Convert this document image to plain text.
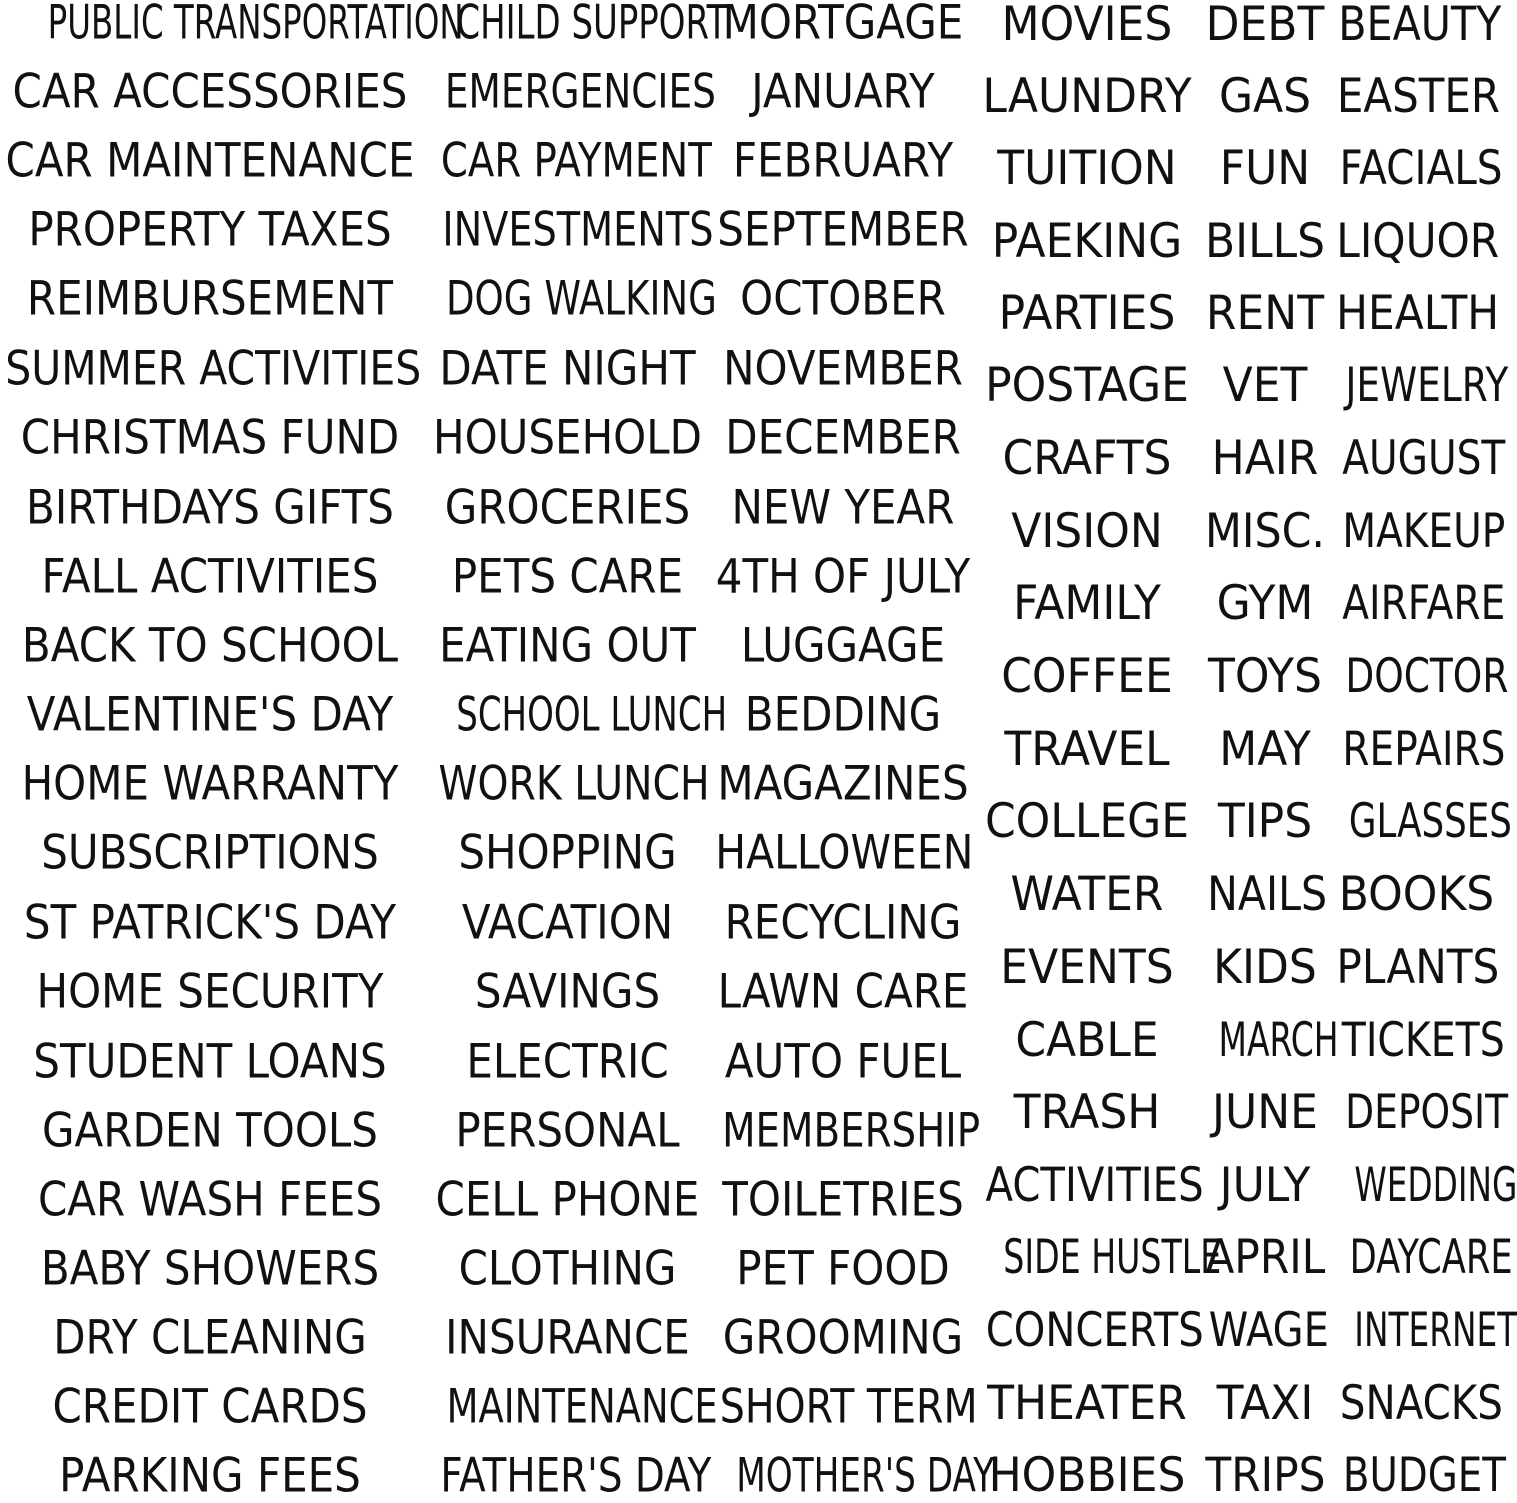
PUBLIC TRANSPORTATION
CAR ACCESSORIES
CAR MAINTENANCE
PROPERTY TAXES
REIMBURSEMENT
SUMMER ACTIVITIES
CHRISTMAS FUND
BIRTHDAYS GIFTS
FALL ACTIVITIES
BACK TO SCHOOL
VALENTINE'S DAY
HOME WARRANTY
SUBSCRIPTIONS
ST PATRICK'S DAY
HOME SECURITY
STUDENT LOANS
GARDEN TOOLS
CAR WASH FEES
BABY SHOWERS
DRY CLEANING
CREDIT CARDS
PARKING FEES
CHILD SUPPORT
EMERGENCIES
CAR PAYMENT
INVESTMENTS
DOG WALKING
DATE NIGHT
HOUSEHOLD
GROCERIES
PETS CARE
EATING OUT
SCHOOL LUNCH
WORK LUNCH
SHOPPING
VACATION
SAVINGS
ELECTRIC
PERSONAL
CELL PHONE
CLOTHING
INSURANCE
MAINTENANCE
FATHER'S DAY
MORTGAGE
JANUARY
FEBRUARY
SEPTEMBER
OCTOBER
NOVEMBER
DECEMBER
NEW YEAR
4TH OF JULY
LUGGAGE
BEDDING
MAGAZINES
HALLOWEEN
RECYCLING
LAWN CARE
AUTO FUEL
MEMBERSHIP
TOILETRIES
PET FOOD
GROOMING
SHORT TERM
MOTHER'S DAY
MOVIES
LAUNDRY
TUITION
PAEKING
PARTIES
POSTAGE
CRAFTS
VISION
FAMILY
COFFEE
TRAVEL
COLLEGE
WATER
EVENTS
CABLE
TRASH
ACTIVITIES
SIDE HUSTLE
CONCERTS
THEATER
HOBBIES
DEBT
GAS
FUN
BILLS
RENT
VET
HAIR
MISC.
GYM
TOYS
MAY
TIPS
NAILS
KIDS
MARCH
JUNE
JULY
APRIL
WAGE
TAXI
TRIPS
BEAUTY
EASTER
FACIALS
LIQUOR
HEALTH
JEWELRY
AUGUST
MAKEUP
AIRFARE
DOCTOR
REPAIRS
GLASSES
BOOKS
PLANTS
TICKETS
DEPOSIT
WEDDING
DAYCARE
INTERNET
SNACKS
BUDGET
